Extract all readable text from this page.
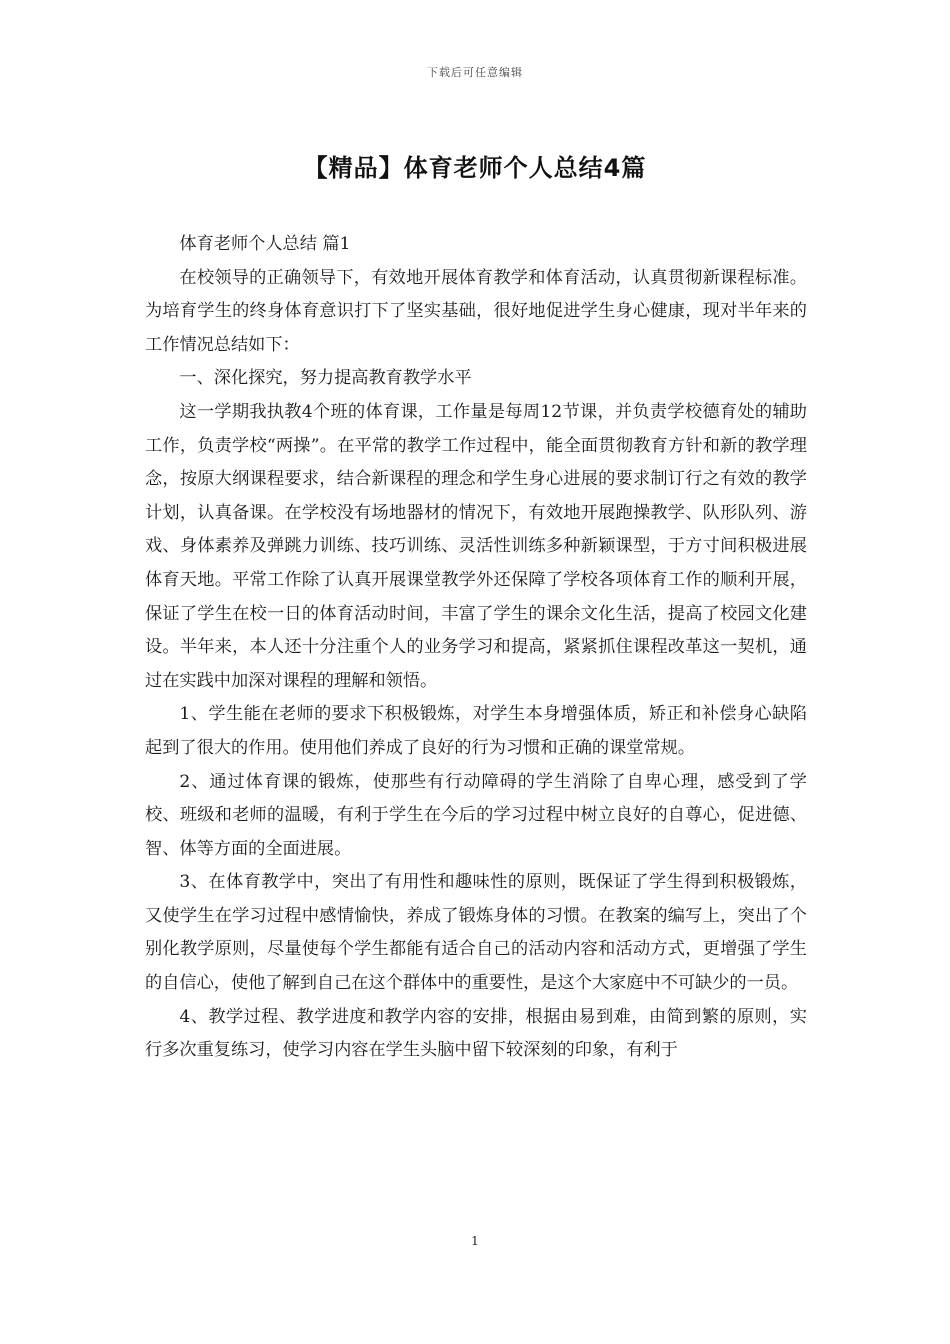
下载后可任意编辑
【精品】体育老师个人总结4篇

体育老师个人总结 篇1

在校领导的正确领导下，有效地开展体育教学和体育活动，认真贯彻新课程标准。为培育学生的终身体育意识打下了坚实基础，很好地促进学生身心健康，现对半年来的工作情况总结如下：

一、深化探究，努力提高教育教学水平

这一学期我执教4个班的体育课，工作量是每周12节课，并负责学校德育处的辅助工作，负责学校“两操”。在平常的教学工作过程中，能全面贯彻教育方针和新的教学理念，按原大纲课程要求，结合新课程的理念和学生身心进展的要求制订行之有效的教学计划，认真备课。在学校没有场地器材的情况下，有效地开展跑操教学、队形队列、游戏、身体素养及弹跳力训练、技巧训练、灵活性训练多种新颖课型，于方寸间积极进展体育天地。平常工作除了认真开展课堂教学外还保障了学校各项体育工作的顺利开展，保证了学生在校一日的体育活动时间，丰富了学生的课余文化生活，提高了校园文化建设。半年来，本人还十分注重个人的业务学习和提高，紧紧抓住课程改革这一契机，通过在实践中加深对课程的理解和领悟。

1、学生能在老师的要求下积极锻炼，对学生本身增强体质，矫正和补偿身心缺陷起到了很大的作用。使用他们养成了良好的行为习惯和正确的课堂常规。

2、通过体育课的锻炼，使那些有行动障碍的学生消除了自卑心理，感受到了学校、班级和老师的温暖，有利于学生在今后的学习过程中树立良好的自尊心，促进德、智、体等方面的全面进展。

3、在体育教学中，突出了有用性和趣味性的原则，既保证了学生得到积极锻炼，又使学生在学习过程中感情愉快，养成了锻炼身体的习惯。在教案的编写上，突出了个别化教学原则，尽量使每个学生都能有适合自己的活动内容和活动方式，更增强了学生的自信心，使他了解到自己在这个群体中的重要性，是这个大家庭中不可缺少的一员。

4、教学过程、教学进度和教学内容的安排，根据由易到难，由简到繁的原则，实行多次重复练习，使学习内容在学生头脑中留下较深刻的印象，有利于

1
